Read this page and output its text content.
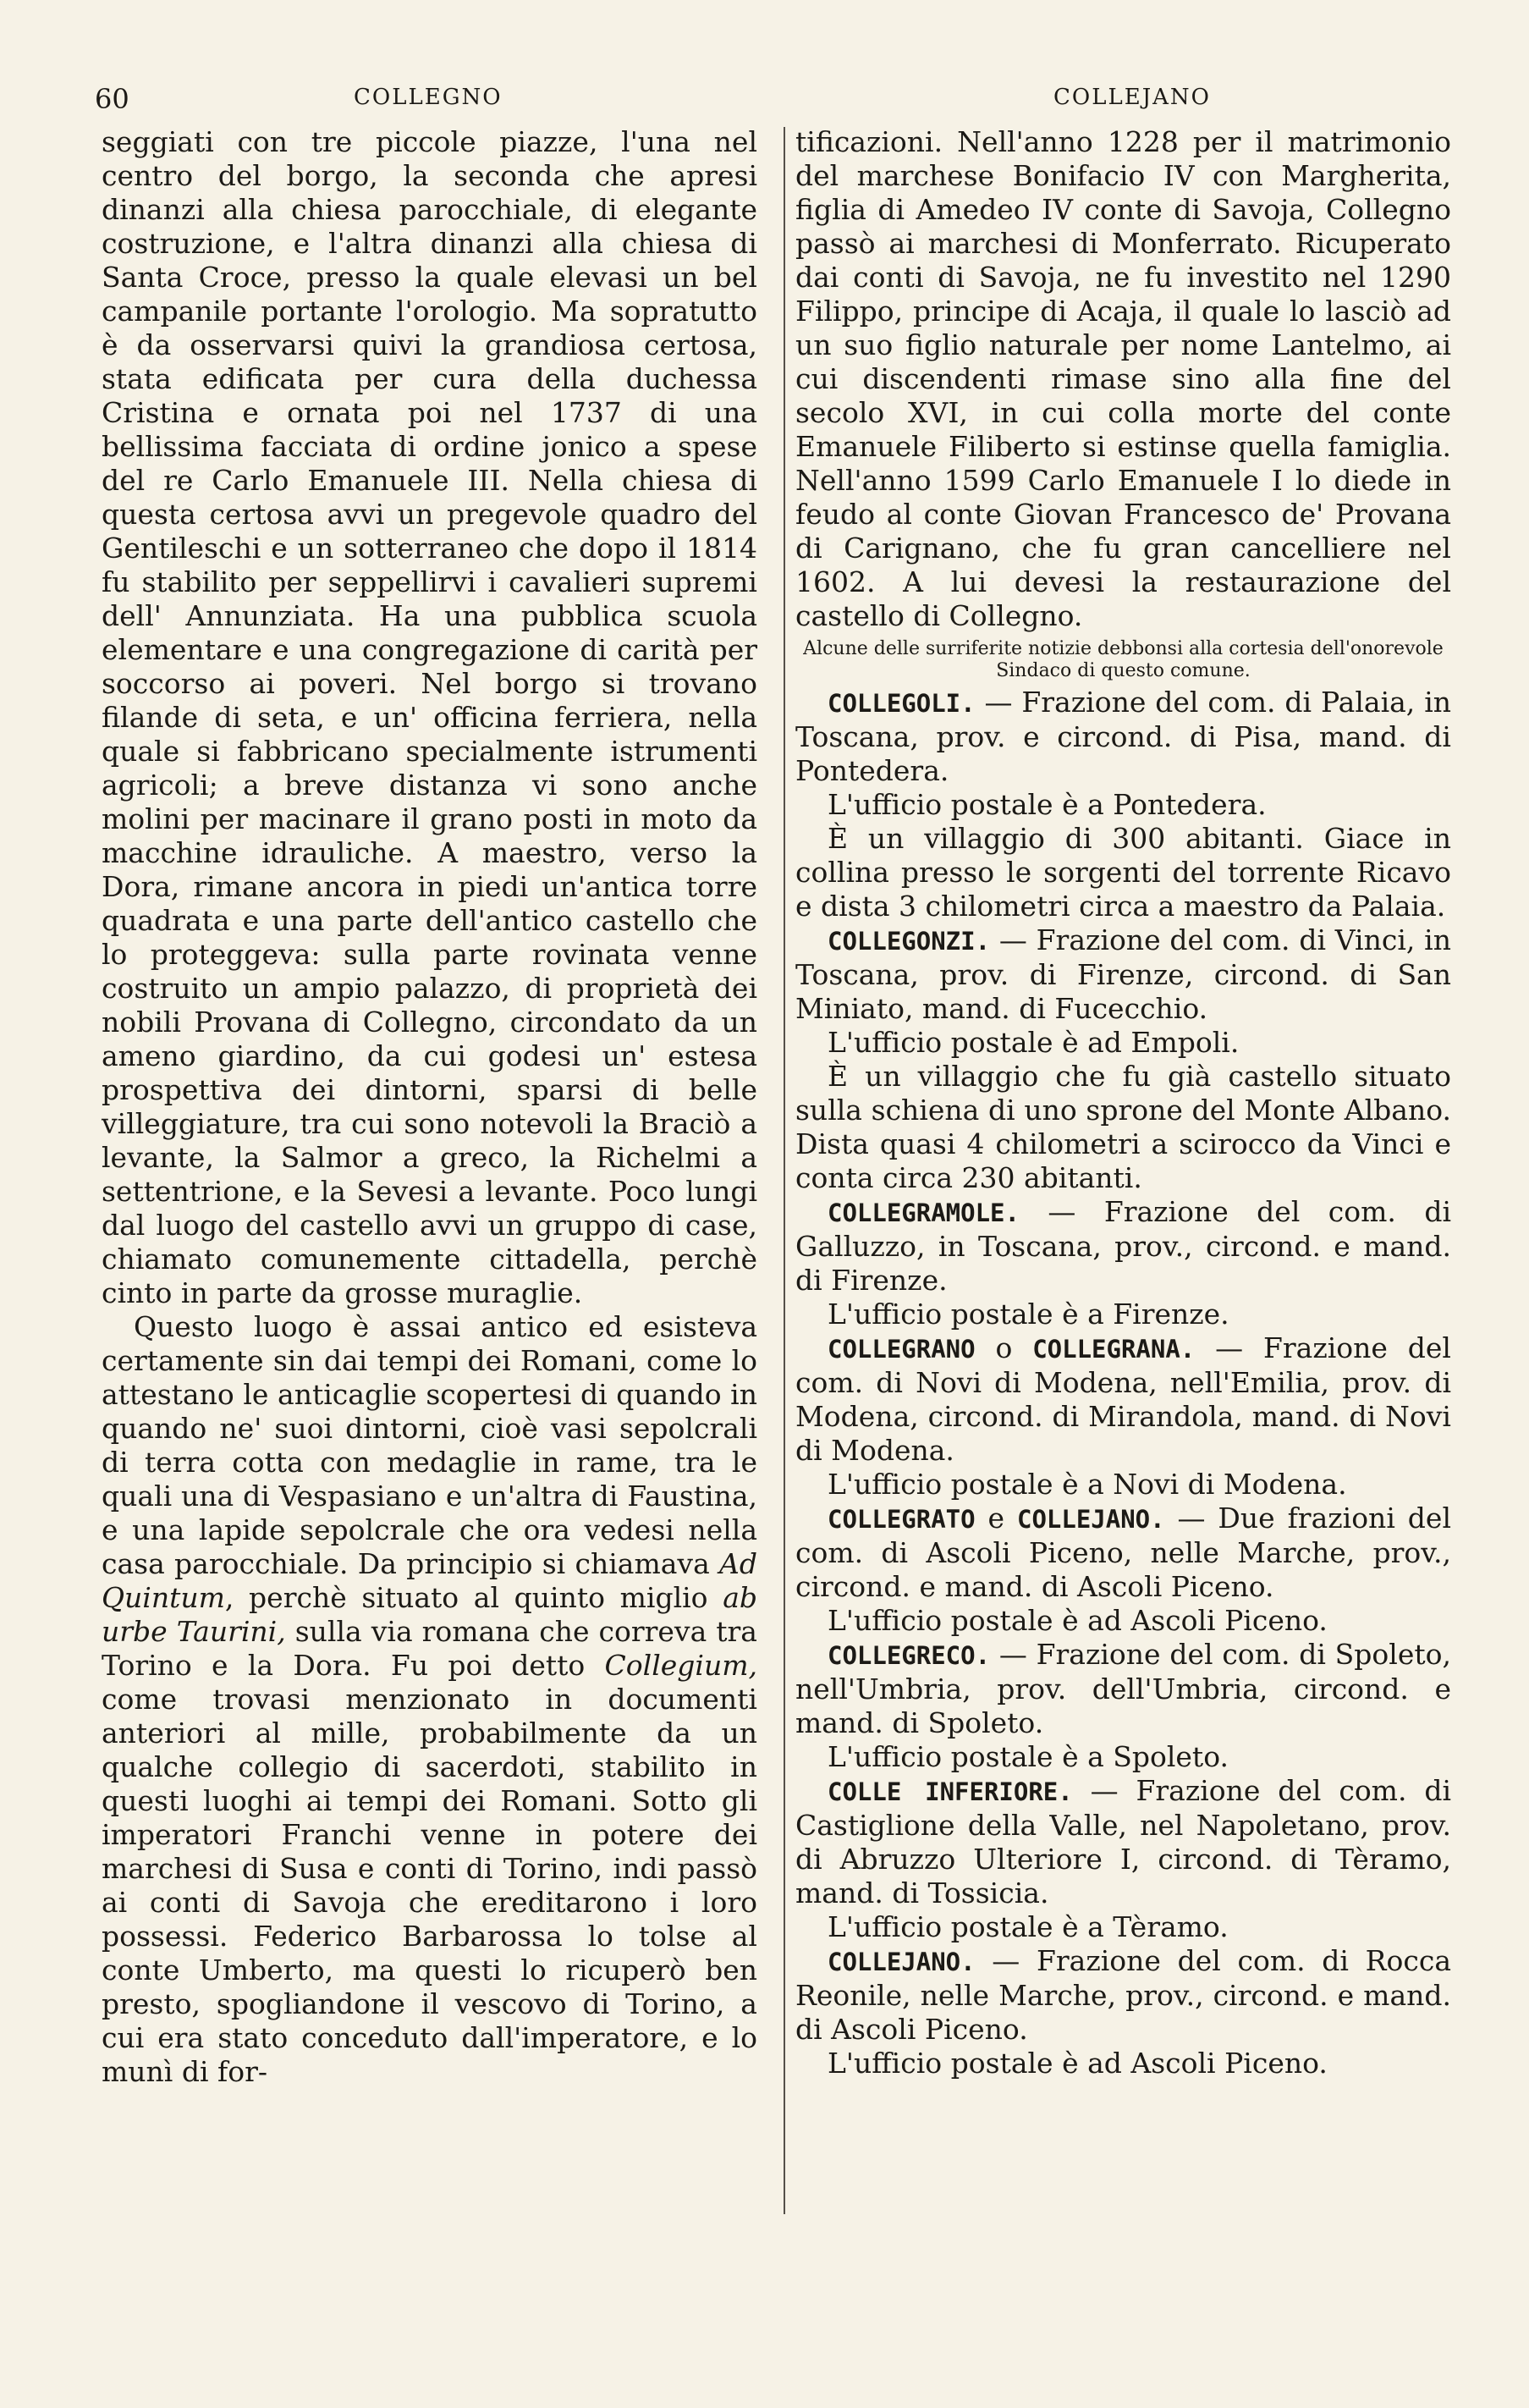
60	COLLEGNO	COLLEJANO

seggiati con tre piccole piazze, l'una nel centro del borgo, la seconda che apresi dinanzi alla chiesa parocchiale, di elegante costruzione, e l'altra dinanzi alla chiesa di Santa Croce, presso la quale elevasi un bel campanile portante l'orologio. Ma sopratutto è da osservarsi quivi la grandiosa certosa, stata edificata per cura della duchessa Cristina e ornata poi nel 1737 di una bellissima facciata di ordine jonico a spese del re Carlo Emanuele III. Nella chiesa di questa certosa avvi un pregevole quadro del Gentileschi e un sotterraneo che dopo il 1814 fu stabilito per seppellirvi i cavalieri supremi dell' Annunziata. Ha una pubblica scuola elementare e una congregazione di carità per soccorso ai poveri. Nel borgo si trovano filande di seta, e un' officina ferriera, nella quale si fabbricano specialmente istrumenti agricoli; a breve distanza vi sono anche molini per macinare il grano posti in moto da macchine idrauliche. A maestro, verso la Dora, rimane ancora in piedi un'antica torre quadrata e una parte dell'antico castello che lo proteggeva: sulla parte rovinata venne costruito un ampio palazzo, di proprietà dei nobili Provana di Collegno, circondato da un ameno giardino, da cui godesi un' estesa prospettiva dei dintorni, sparsi di belle villeggiature, tra cui sono notevoli la Braciò a levante, la Salmor a greco, la Richelmi a settentrione, e la Sevesi a levante. Poco lungi dal luogo del castello avvi un gruppo di case, chiamato comunemente cittadella, perchè cinto in parte da grosse muraglie.

Questo luogo è assai antico ed esisteva certamente sin dai tempi dei Romani, come lo attestano le anticaglie scopertesi di quando in quando ne' suoi dintorni, cioè vasi sepolcrali di terra cotta con medaglie in rame, tra le quali una di Vespasiano e un'altra di Faustina, e una lapide sepolcrale che ora vedesi nella casa parocchiale. Da principio si chiamava Ad Quintum, perchè situato al quinto miglio ab urbe Taurini, sulla via romana che correva tra Torino e la Dora. Fu poi detto Collegium, come trovasi menzionato in documenti anteriori al mille, probabilmente da un qualche collegio di sacerdoti, stabilito in questi luoghi ai tempi dei Romani. Sotto gli imperatori Franchi venne in potere dei marchesi di Susa e conti di Torino, indi passò ai conti di Savoja che ereditarono i loro possessi. Federico Barbarossa lo tolse al conte Umberto, ma questi lo ricuperò ben presto, spogliandone il vescovo di Torino, a cui era stato conceduto dall'imperatore, e lo munì di for-

tificazioni. Nell'anno 1228 per il matrimonio del marchese Bonifacio IV con Margherita, figlia di Amedeo IV conte di Savoja, Collegno passò ai marchesi di Monferrato. Ricuperato dai conti di Savoja, ne fu investito nel 1290 Filippo, principe di Acaja, il quale lo lasciò ad un suo figlio naturale per nome Lantelmo, ai cui discendenti rimase sino alla fine del secolo XVI, in cui colla morte del conte Emanuele Filiberto si estinse quella famiglia. Nell'anno 1599 Carlo Emanuele I lo diede in feudo al conte Giovan Francesco de' Provana di Carignano, che fu gran cancelliere nel 1602. A lui devesi la restaurazione del castello di Collegno.

Alcune delle surriferite notizie debbonsi alla cortesia dell'onorevole Sindaco di questo comune.

COLLEGOLI. — Frazione del com. di Palaia, in Toscana, prov. e circond. di Pisa, mand. di Pontedera.

L'ufficio postale è a Pontedera.

È un villaggio di 300 abitanti. Giace in collina presso le sorgenti del torrente Ricavo e dista 3 chilometri circa a maestro da Palaia.

COLLEGONZI. — Frazione del com. di Vinci, in Toscana, prov. di Firenze, circond. di San Miniato, mand. di Fucecchio.

L'ufficio postale è ad Empoli.

È un villaggio che fu già castello situato sulla schiena di uno sprone del Monte Albano. Dista quasi 4 chilometri a scirocco da Vinci e conta circa 230 abitanti.

COLLEGRAMOLE. — Frazione del com. di Galluzzo, in Toscana, prov., circond. e mand. di Firenze.

L'ufficio postale è a Firenze.

COLLEGRANO o COLLEGRANA. — Frazione del com. di Novi di Modena, nell'Emilia, prov. di Modena, circond. di Mirandola, mand. di Novi di Modena.

L'ufficio postale è a Novi di Modena.

COLLEGRATO e COLLEJANO. — Due frazioni del com. di Ascoli Piceno, nelle Marche, prov., circond. e mand. di Ascoli Piceno.

L'ufficio postale è ad Ascoli Piceno.

COLLEGRECO. — Frazione del com. di Spoleto, nell'Umbria, prov. dell'Umbria, circond. e mand. di Spoleto.

L'ufficio postale è a Spoleto.

COLLE INFERIORE. — Frazione del com. di Castiglione della Valle, nel Napoletano, prov. di Abruzzo Ulteriore I, circond. di Tèramo, mand. di Tossicia.

L'ufficio postale è a Tèramo.

COLLEJANO. — Frazione del com. di Rocca Reonile, nelle Marche, prov., circond. e mand. di Ascoli Piceno.

L'ufficio postale è ad Ascoli Piceno.
